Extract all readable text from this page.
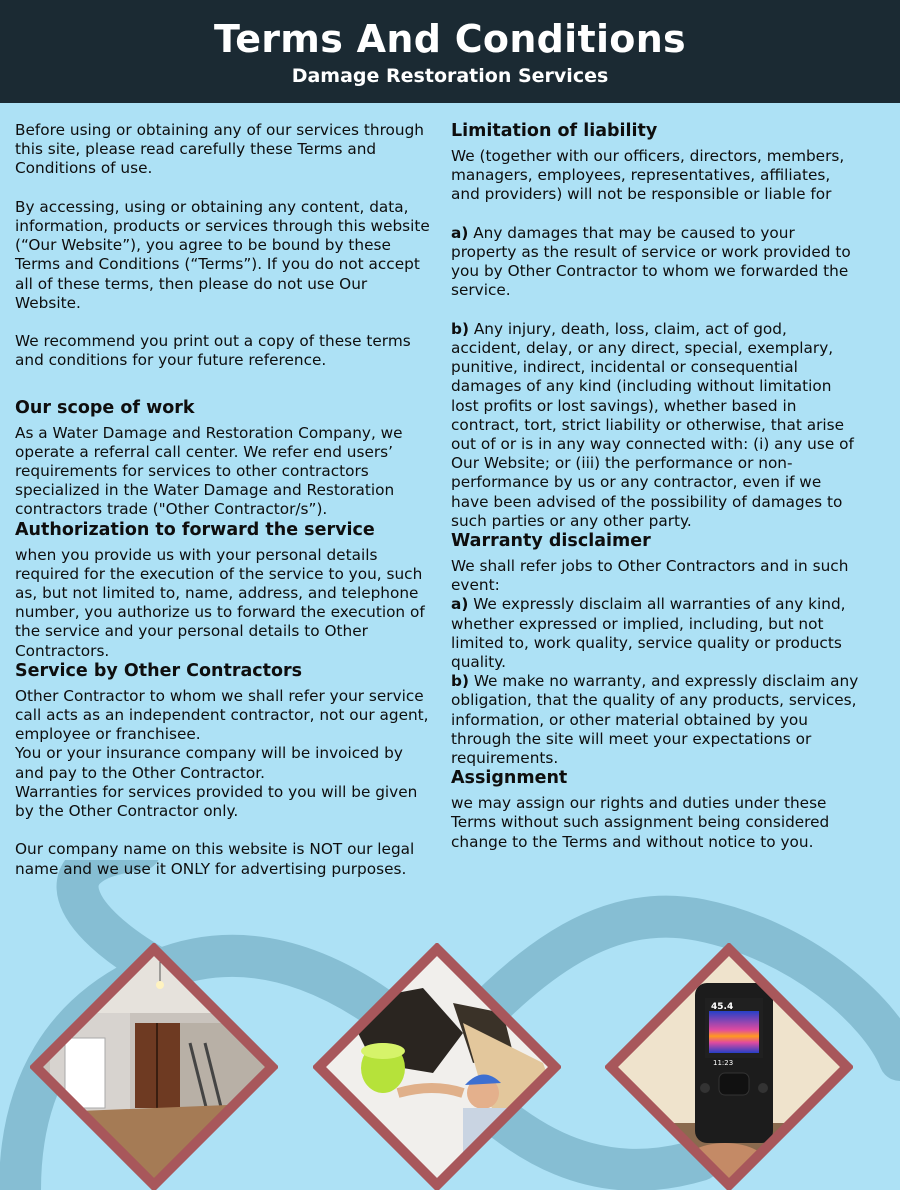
Terms And Conditions
Damage Restoration Services
45.4
11:23

Before using or obtaining any of our services through this site, please read carefully these Terms and Conditions of use.

By accessing, using or obtaining any content, data, information, products or services through this website (“Our Website”), you agree to be bound by these Terms and Conditions (“Terms”). If you do not accept all of these terms, then please do not use Our Website.

We recommend you print out a copy of these terms and conditions for your future reference.

Our scope of work

As a Water Damage and Restoration Company, we operate a referral call center. We refer end users’ requirements for services to other contractors specialized in the Water Damage and Restoration contractors trade ("Other Contractor/s”).

Authorization to forward the service

when you provide us with your personal details required for the execution of the service to you, such as, but not limited to, name, address, and telephone number, you authorize us to forward the execution of the service and your personal details to Other Contractors.

Service by Other Contractors

Other Contractor to whom we shall refer your service call acts as an independent contractor, not our agent, employee or franchisee.

You or your insurance company will be invoiced by and pay to the Other Contractor.

Warranties for services provided to you will be given by the Other Contractor only.

Our company name on this website is NOT our legal name and we use it ONLY for advertising purposes.

Limitation of liability

We (together with our officers, directors, members, managers, employees, representatives, affiliates, and providers) will not be responsible or liable for

a) Any damages that may be caused to your property as the result of service or work provided to you by Other Contractor to whom we forwarded the service.

b) Any injury, death, loss, claim, act of god, accident, delay, or any direct, special, exemplary, punitive, indirect, incidental or consequential damages of any kind (including without limitation lost profits or lost savings), whether based in contract, tort, strict liability or otherwise, that arise out of or is in any way connected with: (i) any use of Our Website; or (iii) the performance or non-performance by us or any contractor, even if we have been advised of the possibility of damages to such parties or any other party.

Warranty disclaimer

We shall refer jobs to Other Contractors and in such event:

a) We expressly disclaim all warranties of any kind, whether expressed or implied, including, but not limited to, work quality, service quality or products quality.

b) We make no warranty, and expressly disclaim any obligation, that the quality of any products, services, information, or other material obtained by you through the site will meet your expectations or requirements.

Assignment

we may assign our rights and duties under these Terms without such assignment being considered change to the Terms and without notice to you.
